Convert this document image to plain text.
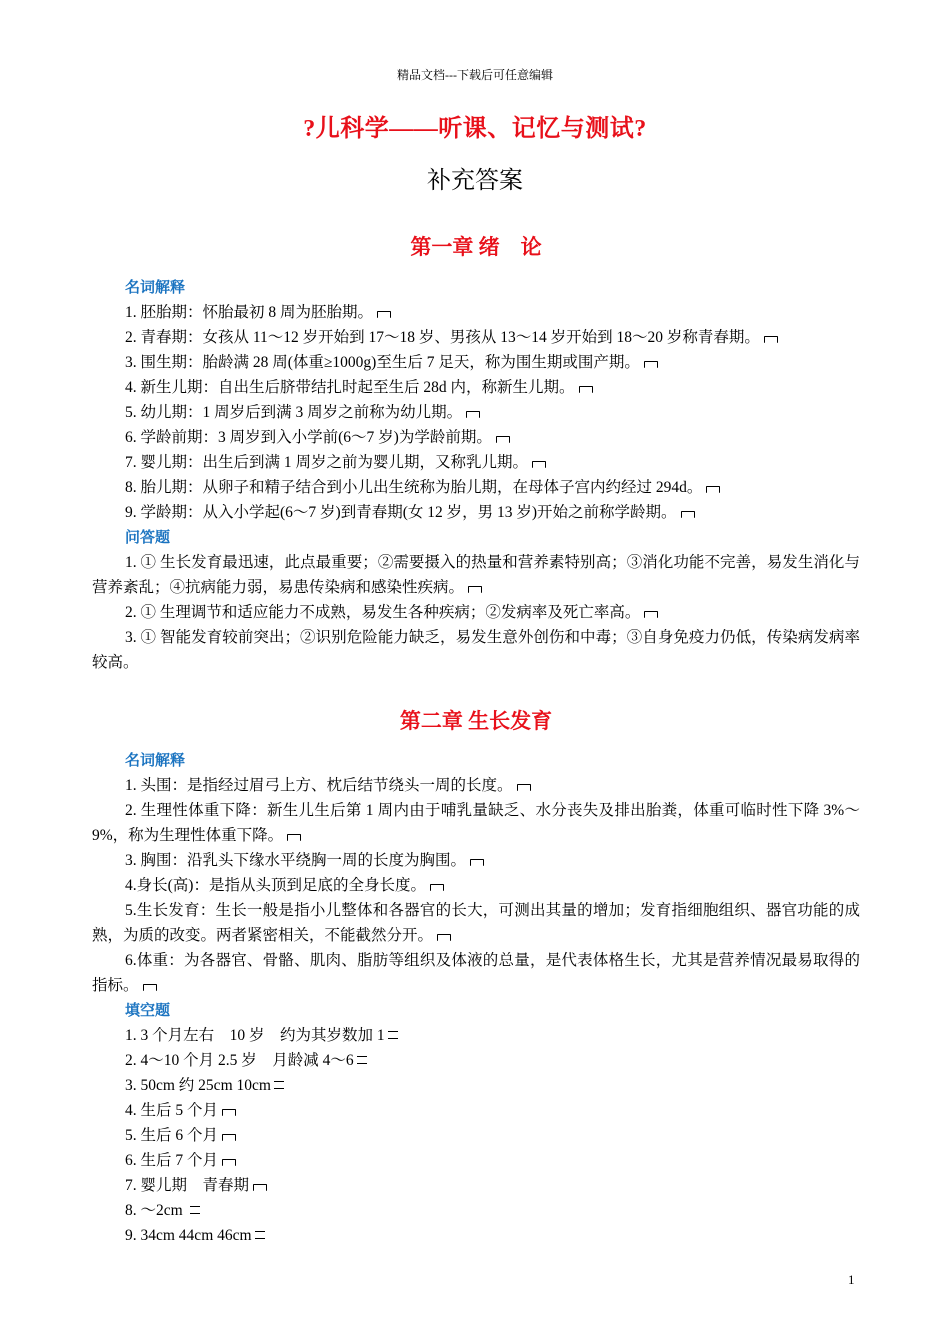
精品文档---下载后可任意编辑
?儿科学——听课、记忆与测试?
补充答案
第一章 绪　论
名词解释
1. 胚胎期：怀胎最初 8 周为胚胎期。
2. 青春期：女孩从 11～12 岁开始到 17～18 岁、男孩从 13～14 岁开始到 18～20 岁称青春期。
3. 围生期：胎龄满 28 周(体重≥1000g)至生后 7 足天，称为围生期或围产期。
4. 新生儿期：自出生后脐带结扎时起至生后 28d 内，称新生儿期。
5. 幼儿期：1 周岁后到满 3 周岁之前称为幼儿期。
6. 学龄前期：3 周岁到入小学前(6～7 岁)为学龄前期。
7. 婴儿期：出生后到满 1 周岁之前为婴儿期，又称乳儿期。
8. 胎儿期：从卵子和精子结合到小儿出生统称为胎儿期，在母体子宫内约经过 294d。
9. 学龄期：从入小学起(6～7 岁)到青春期(女 12 岁，男 13 岁)开始之前称学龄期。
问答题
1. ① 生长发育最迅速，此点最重要；②需要摄入的热量和营养素特别高；③消化功能不完善，易发生消化与营养紊乱；④抗病能力弱，易患传染病和感染性疾病。
2. ① 生理调节和适应能力不成熟，易发生各种疾病；②发病率及死亡率高。
3. ① 智能发育较前突出；②识别危险能力缺乏，易发生意外创伤和中毒；③自身免疫力仍低，传染病发病率较高。
第二章 生长发育
名词解释
1. 头围：是指经过眉弓上方、枕后结节绕头一周的长度。
2. 生理性体重下降：新生儿生后第 1 周内由于哺乳量缺乏、水分丧失及排出胎粪，体重可临时性下降 3%～9%，称为生理性体重下降。
3. 胸围：沿乳头下缘水平绕胸一周的长度为胸围。
4.身长(高)：是指从头顶到足底的全身长度。
5.生长发育：生长一般是指小儿整体和各器官的长大，可测出其量的增加；发育指细胞组织、器官功能的成熟，为质的改变。两者紧密相关，不能截然分开。
6.体重：为各器官、骨骼、肌肉、脂肪等组织及体液的总量，是代表体格生长，尤其是营养情况最易取得的指标。
填空题
1. 3 个月左右　10 岁　约为其岁数加 1
2. 4～10 个月 2.5 岁　月龄减 4～6
3. 50cm 约 25cm 10cm
4. 生后 5 个月
5. 生后 6 个月
6. 生后 7 个月
7. 婴儿期　青春期
8. ～2cm
9. 34cm 44cm 46cm
1
